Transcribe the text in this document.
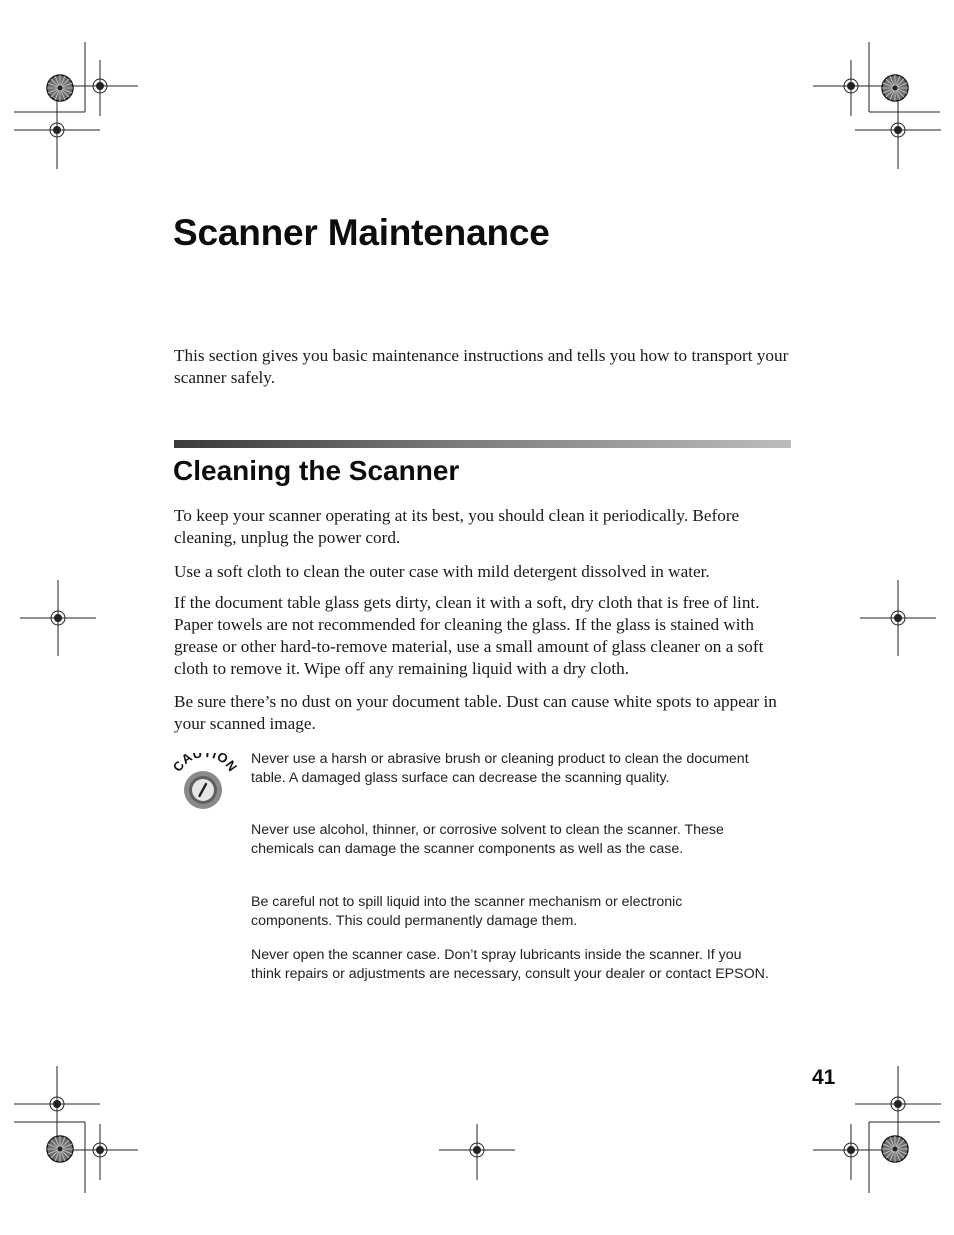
Scanner Maintenance

This section gives you basic maintenance instructions and tells you how to transport your scanner safely.

Cleaning the Scanner

To keep your scanner operating at its best, you should clean it periodically. Before cleaning, unplug the power cord.

Use a soft cloth to clean the outer case with mild detergent dissolved in water.

If the document table glass gets dirty, clean it with a soft, dry cloth that is free of lint. Paper towels are not recommended for cleaning the glass. If the glass is stained with grease or other hard-to-remove material, use a small amount of glass cleaner on a soft cloth to remove it. Wipe off any remaining liquid with a dry cloth.

Be sure there’s no dust on your document table. Dust can cause white spots to appear in your scanned image.

CAU ION Never use a harsh or abrasive brush or cleaning product to clean the document table. A damaged glass surface can decrease the scanning quality.

Never use alcohol, thinner, or corrosive solvent to clean the scanner. These chemicals can damage the scanner components as well as the case.

Be careful not to spill liquid into the scanner mechanism or electronic components. This could permanently damage them.

Never open the scanner case. Don’t spray lubricants inside the scanner. If you think repairs or adjustments are necessary, consult your dealer or contact EPSON.

41
